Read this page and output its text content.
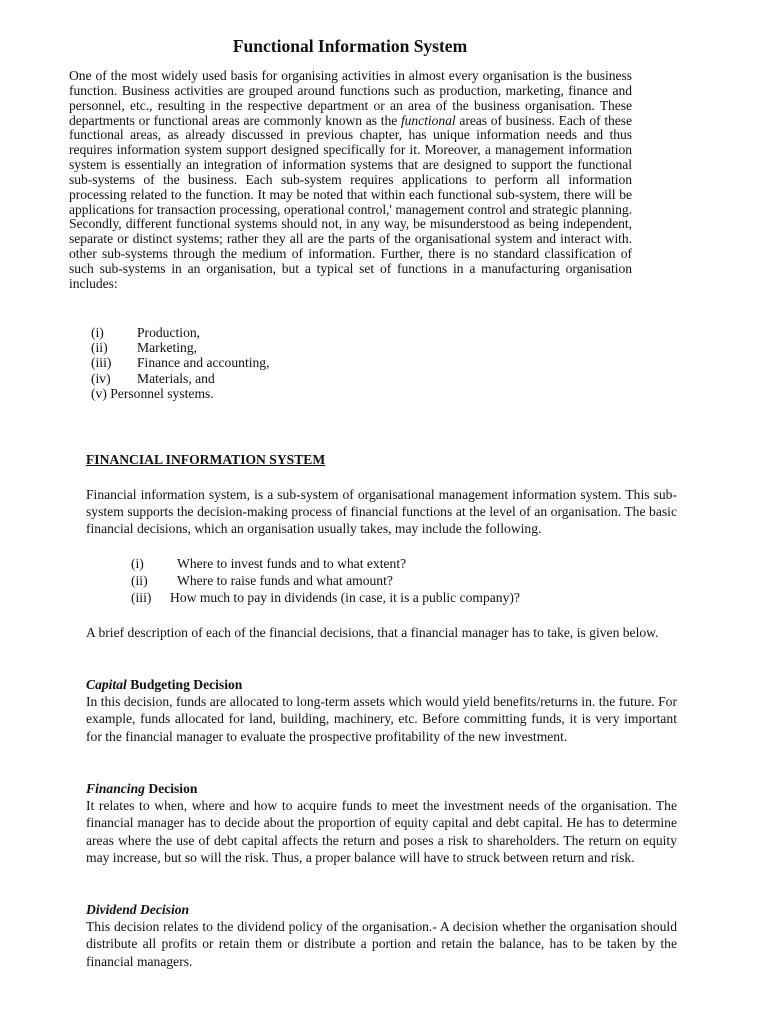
Functional Information System

One of the most widely used basis for organising activities in almost every organisation is the business function. Business activities are grouped around functions such as production, marketing, finance and personnel, etc., resulting in the respective department or an area of the business organisation. These departments or functional areas are commonly known as the functional areas of business. Each of these functional areas, as already discussed in previous chapter, has unique information needs and thus requires information system support designed specifically for it. Moreover, a management information system is essentially an integration of information systems that are designed to support the functional sub-systems of the business. Each sub-system requires applications to perform all information processing related to the function. It may be noted that within each functional sub-system, there will be applications for transaction processing, operational control,' management control and strategic planning. Secondly, different functional systems should not, in any way, be misunderstood as being independent, separate or distinct systems; rather they all are the parts of the organisational system and interact with. other sub-systems through the medium of information. Further, there is no standard classification of such sub-systems in an organisation, but a typical set of functions in a manufacturing organisation includes:

(i)	Production,
(ii)	Marketing,
(iii)	Finance and accounting,
(iv)	Materials, and

(v) Personnel systems.

FINANCIAL INFORMATION SYSTEM

Financial information system, is a sub-system of organisational management information system. This sub-system supports the decision-making process of financial functions at the level of an organisation. The basic financial decisions, which an organisation usually takes, may include the following.

(i)	Where to invest funds and to what extent?
(ii)	Where to raise funds and what amount?
(iii)	How much to pay in dividends (in case, it is a public company)?

A brief description of each of the financial decisions, that a financial manager has to take, is given below.

Capital Budgeting Decision

In this decision, funds are allocated to long-term assets which would yield benefits/returns in. the future. For example, funds allocated for land, building, machinery, etc. Before committing funds, it is very important for the financial manager to evaluate the prospective profitability of the new investment.

Financing Decision

It relates to when, where and how to acquire funds to meet the investment needs of the organisation. The financial manager has to decide about the proportion of equity capital and debt capital. He has to determine areas where the use of debt capital affects the return and poses a risk to shareholders. The return on equity may increase, but so will the risk. Thus, a proper balance will have to struck between return and risk.

Dividend Decision

This decision relates to the dividend policy of the organisation.- A decision whether the organisation should distribute all profits or retain them or distribute a portion and retain the balance, has to be taken by the financial managers.
